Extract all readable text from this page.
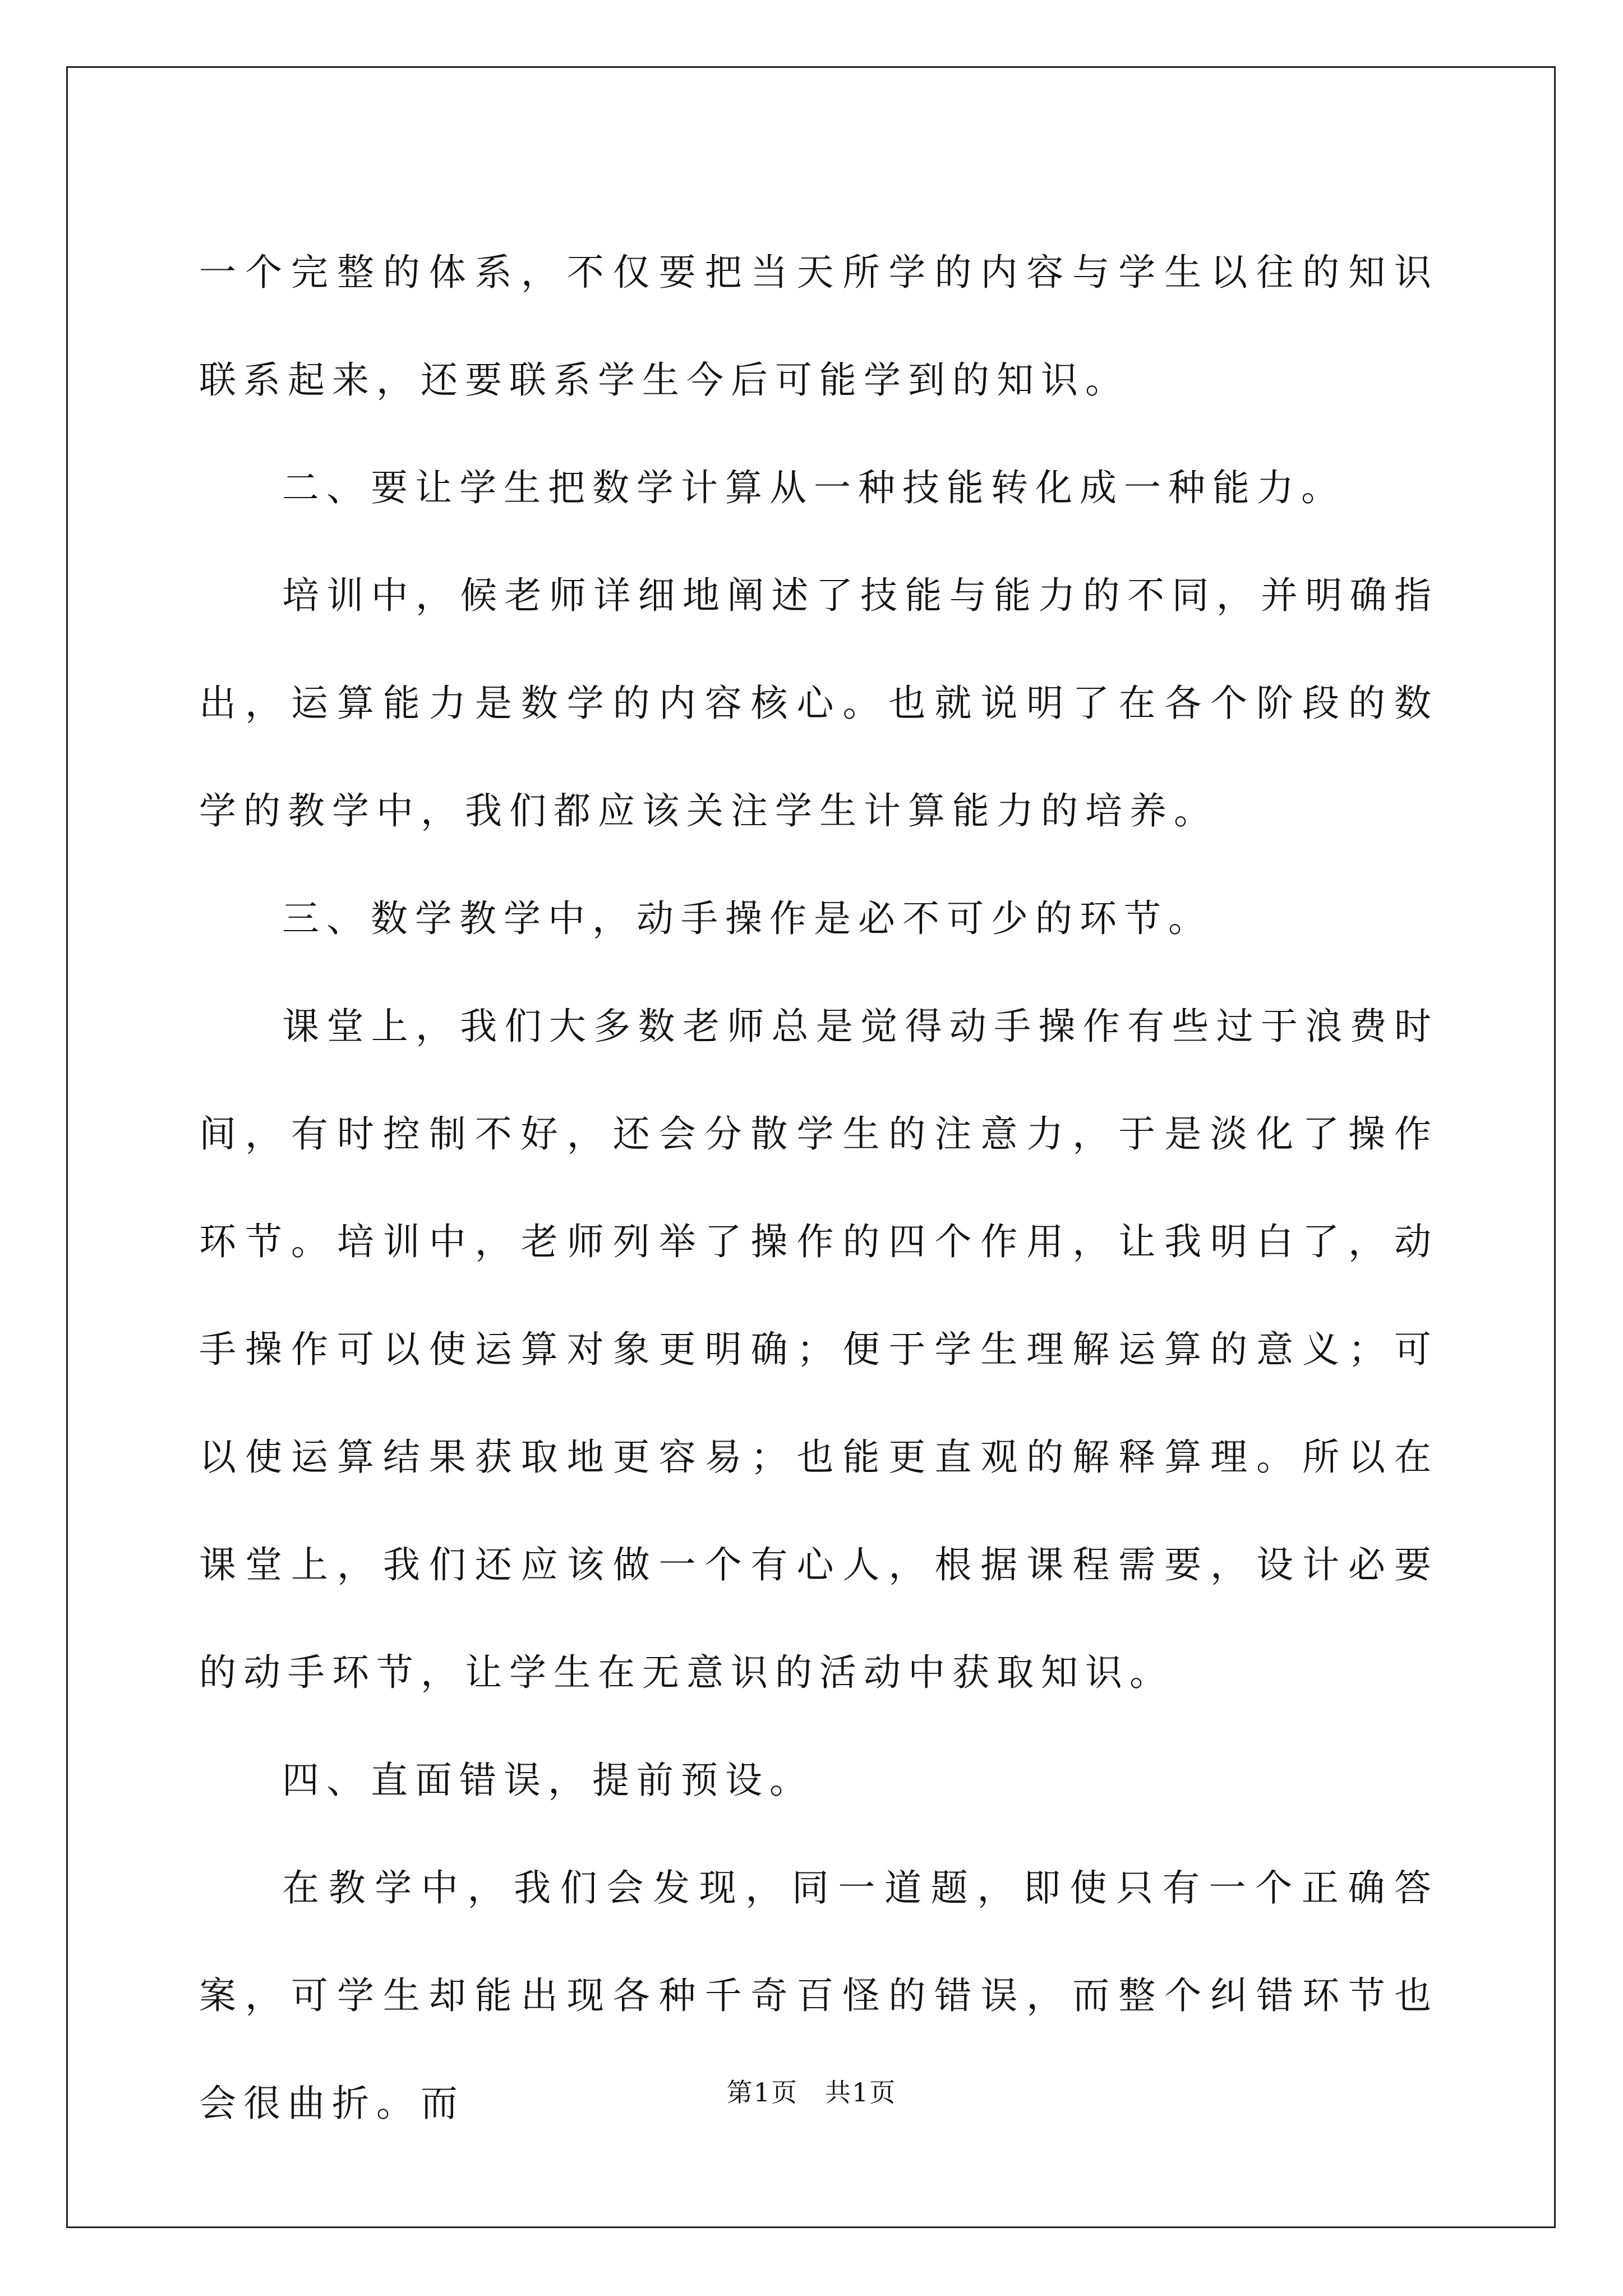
一个完整的体系，不仅要把当天所学的内容与学生以往的知识联系起来，还要联系学生今后可能学到的知识。

二、要让学生把数学计算从一种技能转化成一种能力。

培训中，候老师详细地阐述了技能与能力的不同，并明确指出，运算能力是数学的内容核心。也就说明了在各个阶段的数学的教学中，我们都应该关注学生计算能力的培养。

三、数学教学中，动手操作是必不可少的环节。

课堂上，我们大多数老师总是觉得动手操作有些过于浪费时间，有时控制不好，还会分散学生的注意力，于是淡化了操作环节。培训中，老师列举了操作的四个作用，让我明白了，动手操作可以使运算对象更明确；便于学生理解运算的意义；可以使运算结果获取地更容易；也能更直观的解释算理。所以在课堂上，我们还应该做一个有心人，根据课程需要，设计必要的动手环节，让学生在无意识的活动中获取知识。

四、直面错误，提前预设。

在教学中，我们会发现，同一道题，即使只有一个正确答案，可学生却能出现各种千奇百怪的错误，而整个纠错环节也会很曲折。而	第1页 共1页
